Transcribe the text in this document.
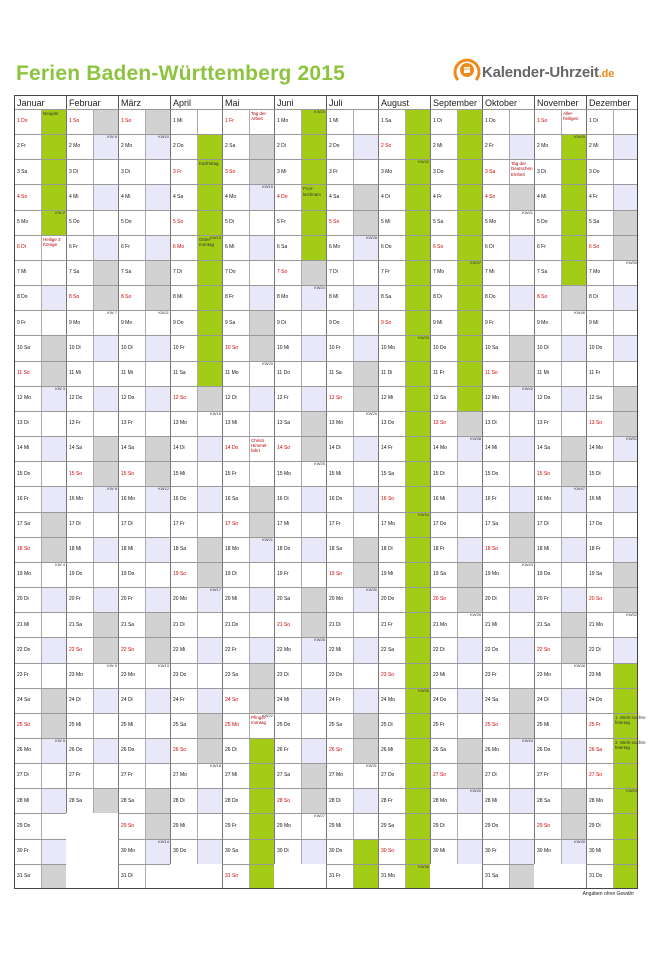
Ferien Baden-Württemberg 2015	Kalender-Uhrzeit.de
Januar
1 Do
Neujahr
2 Fr
3 Sa
4 So
5 Mo
KW 2
6 Di
Heilige 3 Könige
7 Mi
8 Do
9 Fr
10 Sa
11 So
12 Mo
KW 3
13 Di
14 Mi
15 Do
16 Fr
17 Sa
18 So
19 Mo
KW 4
20 Di
21 Mi
22 Do
23 Fr
24 Sa
25 So
26 Mo
KW 5
27 Di
28 Mi
29 Do
30 Fr
31 Sa
Februar
1 So
2 Mo
KW 6
3 Di
4 Mi
5 Do
6 Fr
7 Sa
8 So
9 Mo
KW 7
10 Di
11 Mi
12 Do
13 Fr
14 Sa
15 So
16 Mo
KW 8
17 Di
18 Mi
19 Do
20 Fr
21 Sa
22 So
23 Mo
KW 9
24 Di
25 Mi
26 Do
27 Fr
28 Sa
März
1 So
2 Mo
KW10
3 Di
4 Mi
5 Do
6 Fr
7 Sa
8 So
9 Mo
KW11
10 Di
11 Mi
12 Do
13 Fr
14 Sa
15 So
16 Mo
KW12
17 Di
18 Mi
19 Do
20 Fr
21 Sa
22 So
23 Mo
KW13
24 Di
25 Mi
26 Do
27 Fr
28 Sa
29 So
30 Mo
KW14
31 Di
April
1 Mi
2 Do
3 Fr
Karfreitag
4 Sa
5 So
6 Mo
Oster-montag
KW15
7 Di
8 Mi
9 Do
10 Fr
11 Sa
12 So
13 Mo
KW16
14 Di
15 Mi
16 Do
17 Fr
18 Sa
19 So
20 Mo
KW17
21 Di
22 Mi
23 Do
24 Fr
25 Sa
26 So
27 Mo
KW18
28 Di
29 Mi
30 Do
Mai
1 Fr
Tag der Arbeit
2 Sa
3 So
4 Mo
KW19
5 Di
6 Mi
7 Do
8 Fr
9 Sa
10 So
11 Mo
KW20
12 Di
13 Mi
14 Do
Christi Himmel-fahrt
15 Fr
16 Sa
17 So
18 Mo
KW21
19 Di
20 Mi
21 Do
22 Fr
23 Sa
24 So
25 Mo
Pfingst-montag
KW22
26 Di
27 Mi
28 Do
29 Fr
30 Sa
31 So
Juni
1 Mo
KW23
2 Di
3 Mi
4 Do
Fron-leichnam
5 Fr
6 Sa
7 So
8 Mo
KW24
9 Di
10 Mi
11 Do
12 Fr
13 Sa
14 So
15 Mo
KW25
16 Di
17 Mi
18 Do
19 Fr
20 Sa
21 So
22 Mo
KW26
23 Di
24 Mi
25 Do
26 Fr
27 Sa
28 So
29 Mo
KW27
30 Di
Juli
1 Mi
2 Do
3 Fr
4 Sa
5 So
6 Mo
KW28
7 Di
8 Mi
9 Do
10 Fr
11 Sa
12 So
13 Mo
KW29
14 Di
15 Mi
16 Do
17 Fr
18 Sa
19 So
20 Mo
KW30
21 Di
22 Mi
23 Do
24 Fr
25 Sa
26 So
27 Mo
KW31
28 Di
29 Mi
30 Do
31 Fr
August
1 Sa
2 So
3 Mo
KW32
4 Di
5 Mi
6 Do
7 Fr
8 Sa
9 So
10 Mo
KW33
11 Di
12 Mi
13 Do
14 Fr
15 Sa
16 So
17 Mo
KW34
18 Di
19 Mi
20 Do
21 Fr
22 Sa
23 So
24 Mo
KW35
25 Di
26 Mi
27 Do
28 Fr
29 Sa
30 So
31 Mo
KW36
September
1 Di
2 Mi
3 Do
4 Fr
5 Sa
6 So
7 Mo
KW37
8 Di
9 Mi
10 Do
11 Fr
12 Sa
13 So
14 Mo
KW38
15 Di
16 Mi
17 Do
18 Fr
19 Sa
20 So
21 Mo
KW39
22 Di
23 Mi
24 Do
25 Fr
26 Sa
27 So
28 Mo
KW40
29 Di
30 Mi
Oktober
1 Do
2 Fr
3 Sa
Tag der Deutschen Einheit
4 So
5 Mo
KW41
6 Di
7 Mi
8 Do
9 Fr
10 Sa
11 So
12 Mo
KW42
13 Di
14 Mi
15 Do
16 Fr
17 Sa
18 So
19 Mo
KW43
20 Di
21 Mi
22 Do
23 Fr
24 Sa
25 So
26 Mo
KW44
27 Di
28 Mi
29 Do
30 Fr
31 Sa
November
1 So
Aller-heiligen
2 Mo
KW45
3 Di
4 Mi
5 Do
6 Fr
7 Sa
8 So
9 Mo
KW46
10 Di
11 Mi
12 Do
13 Fr
14 Sa
15 So
16 Mo
KW47
17 Di
18 Mi
19 Do
20 Fr
21 Sa
22 So
23 Mo
KW48
24 Di
25 Mi
26 Do
27 Fr
28 Sa
29 So
30 Mo
KW49
Dezember
1 Di
2 Mi
3 Do
4 Fr
5 Sa
6 So
7 Mo
KW50
8 Di
9 Mi
10 Do
11 Fr
12 Sa
13 So
14 Mo
KW51
15 Di
16 Mi
17 Do
18 Fr
19 Sa
20 So
21 Mo
KW52
22 Di
23 Mi
24 Do
25 Fr
1. Weih-nachts-feiertag
26 Sa
2. Weih-nachts-feiertag
27 So
28 Mo
KW53
29 Di
30 Mi
31 Do
Angaben ohne Gewähr
